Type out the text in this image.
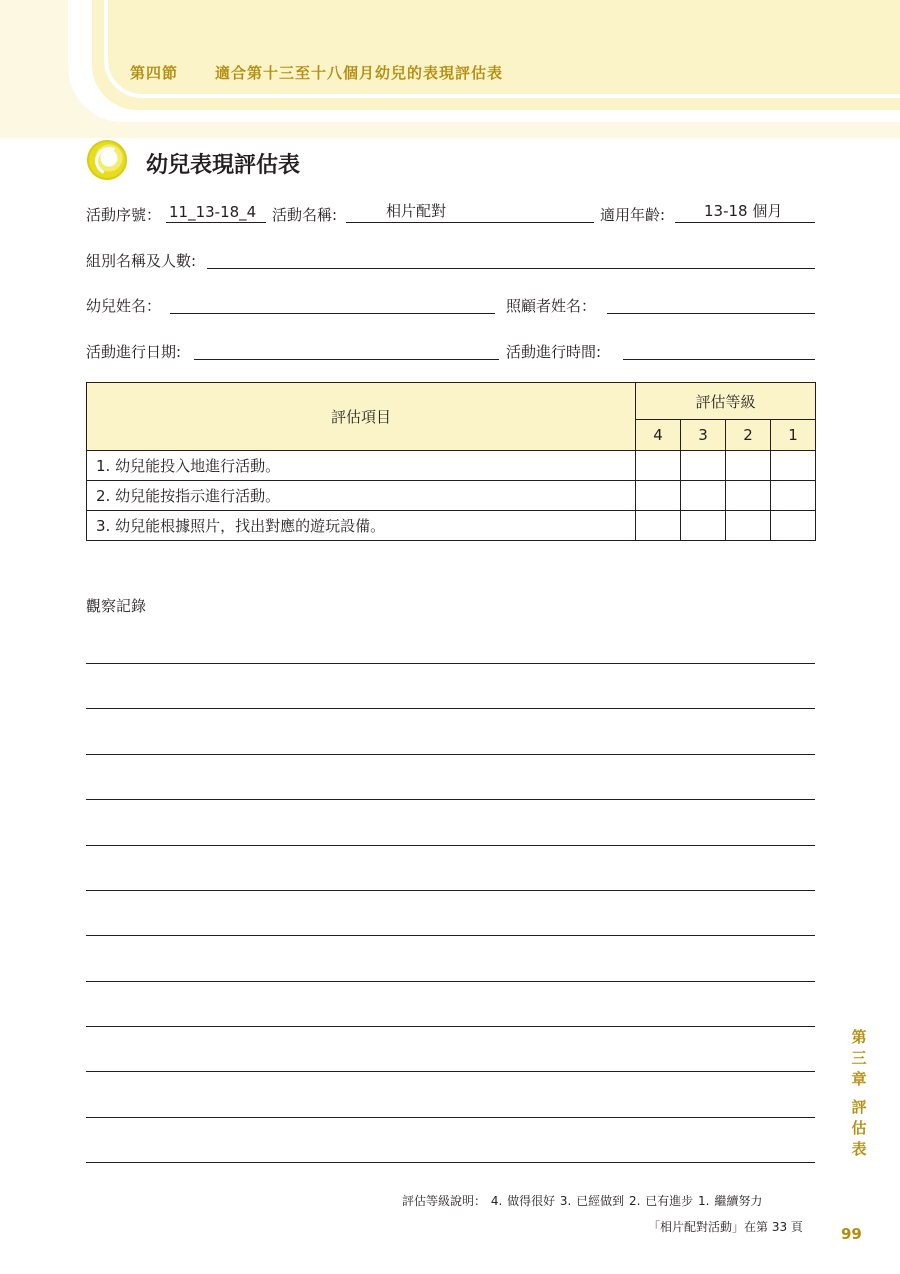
第四節 適合第十三至十八個月幼兒的表現評估表
幼兒表現評估表
活動序號： 11_13-18_4 活動名稱:	相片配對	適用年齡:	13-18 個月
組別名稱及人數:
幼兒姓名：	照顧者姓名：
活動進行日期:	活動進行時間:
評估項目	評估等級			
	4	3	2	1
1. 幼兒能投入地進行活動。				
2. 幼兒能按指示進行活動。				
3. 幼兒能根據照片，找出對應的遊玩設備。				
觀察記錄
第
三
章
評
估
表
評估等級說明： 4. 做得很好 3. 已經做到 2. 已有進步 1. 繼續努力
「相片配對活動」在第 33 頁	99
